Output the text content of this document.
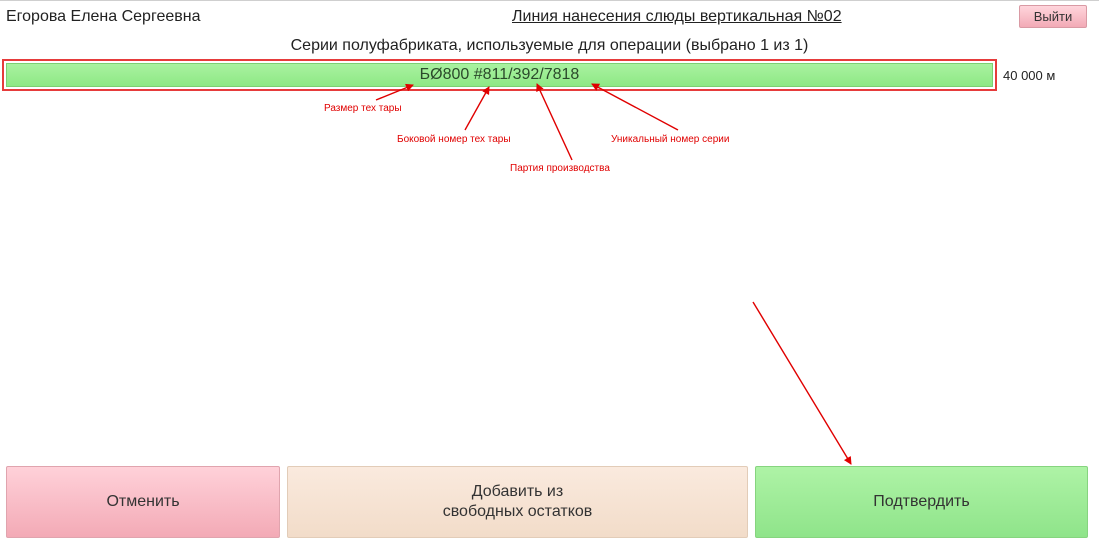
Егорова Елена Сергеевна	Линия нанесения слюды вертикальная №02	Выйти
Серии полуфабриката, используемые для операции (выбрано 1 из 1)
БØ800 #811/392/7818	40 000 м
Размер тех тары
Боковой номер тех тары
Партия производства
Уникальный номер серии
Отменить
Добавить из
свободных остатков
Подтвердить
